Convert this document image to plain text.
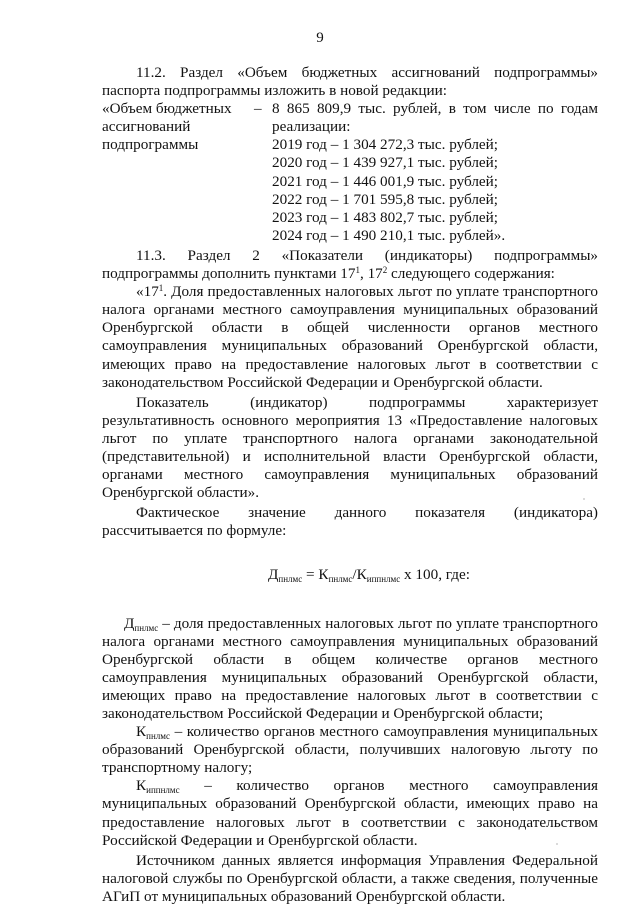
9

11.2. Раздел «Объем бюджетных ассигнований подпрограммы» паспорта подпрограммы изложить в новой редакции:

«Объем бюджетных	– 8 865 809,9 тыс. рублей, в том числе по годам реализации:
ассигнований
подпрограммы	2019 год – 1 304 272,3 тыс. рублей;
2020 год – 1 439 927,1 тыс. рублей;
2021 год – 1 446 001,9 тыс. рублей;
2022 год – 1 701 595,8 тыс. рублей;
2023 год – 1 483 802,7 тыс. рублей;
2024 год – 1 490 210,1 тыс. рублей».

11.3. Раздел 2 «Показатели (индикаторы) подпрограммы» подпрограммы дополнить пунктами $17^1$, $17^2$ следующего содержания:

«$17^1$. Доля предоставленных налоговых льгот по уплате транспортного налога органами местного самоуправления муниципальных образований Оренбургской области в общей численности органов местного самоуправления муниципальных образований Оренбургской области, имеющих право на предоставление налоговых льгот в соответствии с законодательством Российской Федерации и Оренбургской области.

Показатель (индикатор) подпрограммы характеризует результативность основного мероприятия 13 «Предоставление налоговых льгот по уплате транспортного налога органами законодательной (представительной) и исполнительной власти Оренбургской области, органами местного самоуправления муниципальных образований Оренбургской области».

Фактическое значение данного показателя (индикатора) рассчитывается по формуле:

$Д_{пнлмс} = К_{пнлмс}/К_{иппнлмс}$ x 100, где:

$Д_{пнлмс}$ – доля предоставленных налоговых льгот по уплате транспортного налога органами местного самоуправления муниципальных образований Оренбургской области в общем количестве органов местного самоуправления муниципальных образований Оренбургской области, имеющих право на предоставление налоговых льгот в соответствии с законодательством Российской Федерации и Оренбургской области;

$К_{пнлмс}$ – количество органов местного самоуправления муниципальных образований Оренбургской области, получивших налоговую льготу по транспортному налогу;

$К_{иппнлмс}$ – количество органов местного самоуправления муниципальных образований Оренбургской области, имеющих право на предоставление налоговых льгот в соответствии с законодательством Российской Федерации и Оренбургской области.

Источником данных является информация Управления Федеральной налоговой службы по Оренбургской области, а также сведения, полученные АГиП от муниципальных образований Оренбургской области.
